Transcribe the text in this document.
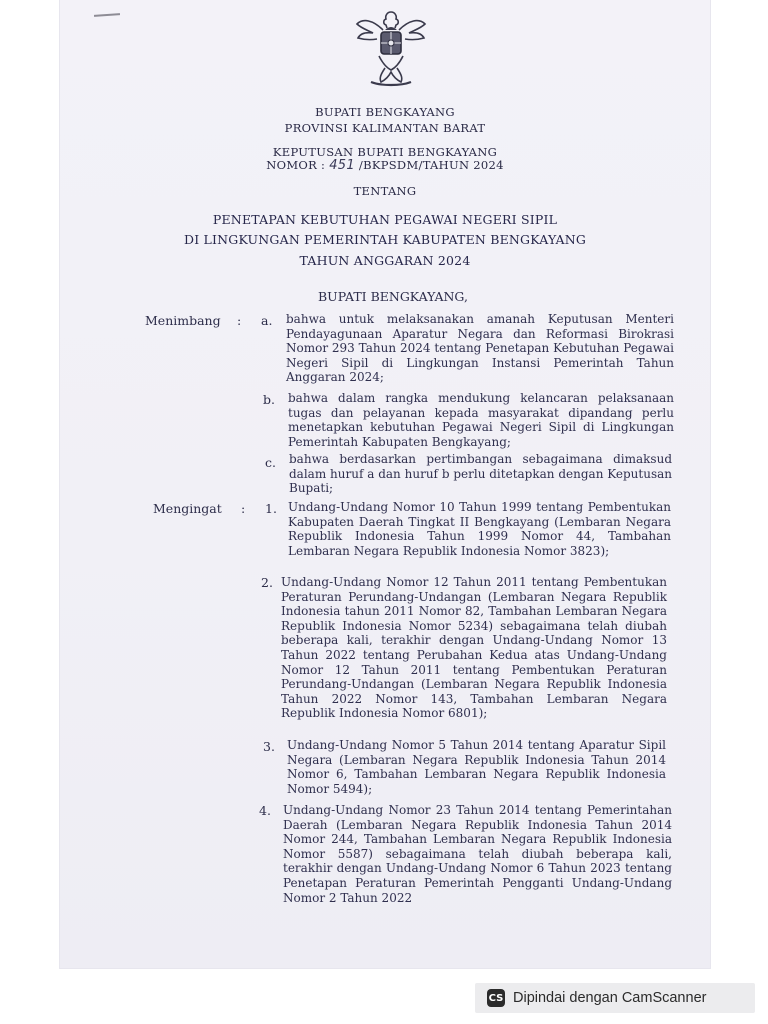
BUPATI BENGKAYANG
PROVINSI KALIMANTAN BARAT
KEPUTUSAN BUPATI BENGKAYANG
NOMOR : 451 /BKPSDM/TAHUN 2024
TENTANG
PENETAPAN KEBUTUHAN PEGAWAI NEGERI SIPIL
DI LINGKUNGAN PEMERINTAH KABUPATEN BENGKAYANG
TAHUN ANGGARAN 2024
BUPATI BENGKAYANG,
Menimbang : a. bahwa untuk melaksanakan amanah Keputusan Menteri Pendayagunaan Aparatur Negara dan Reformasi Birokrasi Nomor 293 Tahun 2024 tentang Penetapan Kebutuhan Pegawai Negeri Sipil di Lingkungan Instansi Pemerintah Tahun Anggaran 2024;
b. bahwa dalam rangka mendukung kelancaran pelaksanaan tugas dan pelayanan kepada masyarakat dipandang perlu menetapkan kebutuhan Pegawai Negeri Sipil di Lingkungan Pemerintah Kabupaten Bengkayang;
c. bahwa berdasarkan pertimbangan sebagaimana dimaksud dalam huruf a dan huruf b perlu ditetapkan dengan Keputusan Bupati;
Mengingat : 1. Undang-Undang Nomor 10 Tahun 1999 tentang Pembentukan Kabupaten Daerah Tingkat II Bengkayang (Lembaran Negara Republik Indonesia Tahun 1999 Nomor 44, Tambahan Lembaran Negara Republik Indonesia Nomor 3823);
2. Undang-Undang Nomor 12 Tahun 2011 tentang Pembentukan Peraturan Perundang-Undangan (Lembaran Negara Republik Indonesia tahun 2011 Nomor 82, Tambahan Lembaran Negara Republik Indonesia Nomor 5234) sebagaimana telah diubah beberapa kali, terakhir dengan Undang-Undang Nomor 13 Tahun 2022 tentang Perubahan Kedua atas Undang-Undang Nomor 12 Tahun 2011 tentang Pembentukan Peraturan Perundang-Undangan (Lembaran Negara Republik Indonesia Tahun 2022 Nomor 143, Tambahan Lembaran Negara Republik Indonesia Nomor 6801);
3. Undang-Undang Nomor 5 Tahun 2014 tentang Aparatur Sipil Negara (Lembaran Negara Republik Indonesia Tahun 2014 Nomor 6, Tambahan Lembaran Negara Republik Indonesia Nomor 5494);
4. Undang-Undang Nomor 23 Tahun 2014 tentang Pemerintahan Daerah (Lembaran Negara Republik Indonesia Tahun 2014 Nomor 244, Tambahan Lembaran Negara Republik Indonesia Nomor 5587) sebagaimana telah diubah beberapa kali, terakhir dengan Undang-Undang Nomor 6 Tahun 2023 tentang Penetapan Peraturan Pemerintah Pengganti Undang-Undang Nomor 2 Tahun 2022
CS Dipindai dengan CamScanner
